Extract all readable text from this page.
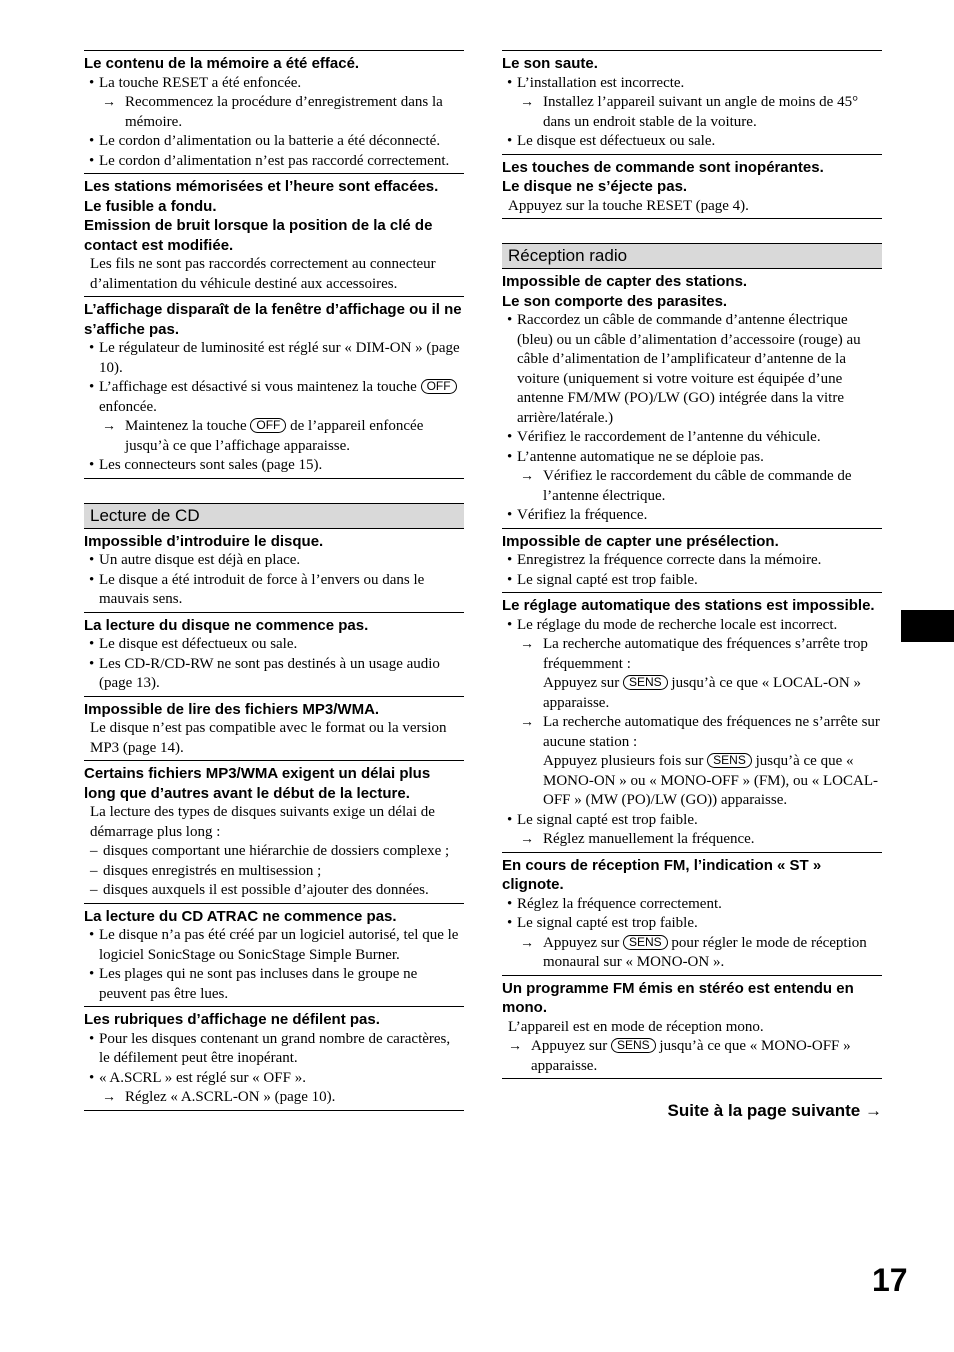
Le contenu de la mémoire a été effacé.

• La touche RESET a été enfoncée.

→ Recommencez la procédure d’enregistrement dans la mémoire.

• Le cordon d’alimentation ou la batterie a été déconnecté.

• Le cordon d’alimentation n’est pas raccordé correctement.

Les stations mémorisées et l’heure sont effacées.

Le fusible a fondu.

Emission de bruit lorsque la position de la clé de contact est modifiée.

Les fils ne sont pas raccordés correctement au connecteur d’alimentation du véhicule destiné aux accessoires.

L’affichage disparaît de la fenêtre d’affichage ou il ne s’affiche pas.

• Le régulateur de luminosité est réglé sur « DIM-ON » (page 10).

• L’affichage est désactivé si vous maintenez la touche OFF enfoncée.

→ Maintenez la touche OFF de l’appareil enfoncée jusqu’à ce que l’affichage apparaisse.

• Les connecteurs sont sales (page 15).

Lecture de CD

Impossible d’introduire le disque.

• Un autre disque est déjà en place.

• Le disque a été introduit de force à l’envers ou dans le mauvais sens.

La lecture du disque ne commence pas.

• Le disque est défectueux ou sale.

• Les CD-R/CD-RW ne sont pas destinés à un usage audio (page 13).

Impossible de lire des fichiers MP3/WMA.

Le disque n’est pas compatible avec le format ou la version MP3 (page 14).

Certains fichiers MP3/WMA exigent un délai plus long que d’autres avant le début de la lecture.

La lecture des types de disques suivants exige un délai de démarrage plus long :

– disques comportant une hiérarchie de dossiers complexe ;

– disques enregistrés en multisession ;

– disques auxquels il est possible d’ajouter des données.

La lecture du CD ATRAC ne commence pas.

• Le disque n’a pas été créé par un logiciel autorisé, tel que le logiciel SonicStage ou SonicStage Simple Burner.

• Les plages qui ne sont pas incluses dans le groupe ne peuvent pas être lues.

Les rubriques d’affichage ne défilent pas.

• Pour les disques contenant un grand nombre de caractères, le défilement peut être inopérant.

• « A.SCRL » est réglé sur « OFF ».

→ Réglez « A.SCRL-ON » (page 10).

Le son saute.

• L’installation est incorrecte.

→ Installez l’appareil suivant un angle de moins de 45° dans un endroit stable de la voiture.

• Le disque est défectueux ou sale.

Les touches de commande sont inopérantes.

Le disque ne s’éjecte pas.

Appuyez sur la touche RESET (page 4).

Réception radio

Impossible de capter des stations.

Le son comporte des parasites.

• Raccordez un câble de commande d’antenne électrique (bleu) ou un câble d’alimentation d’accessoire (rouge) au câble d’alimentation de l’amplificateur d’antenne de la voiture (uniquement si votre voiture est équipée d’une antenne FM/MW (PO)/LW (GO) intégrée dans la vitre arrière/latérale.)

• Vérifiez le raccordement de l’antenne du véhicule.

• L’antenne automatique ne se déploie pas.

→ Vérifiez le raccordement du câble de commande de l’antenne électrique.

• Vérifiez la fréquence.

Impossible de capter une présélection.

• Enregistrez la fréquence correcte dans la mémoire.

• Le signal capté est trop faible.

Le réglage automatique des stations est impossible.

• Le réglage du mode de recherche locale est incorrect.

→ La recherche automatique des fréquences s’arrête trop fréquemment :

Appuyez sur SENS jusqu’à ce que « LOCAL-ON » apparaisse.

→ La recherche automatique des fréquences ne s’arrête sur aucune station :

Appuyez plusieurs fois sur SENS jusqu’à ce que « MONO-ON » ou « MONO-OFF » (FM), ou « LOCAL-OFF » (MW (PO)/LW (GO)) apparaisse.

• Le signal capté est trop faible.

→ Réglez manuellement la fréquence.

En cours de réception FM, l’indication « ST » clignote.

• Réglez la fréquence correctement.

• Le signal capté est trop faible.

→ Appuyez sur SENS pour régler le mode de réception monaural sur « MONO-ON ».

Un programme FM émis en stéréo est entendu en mono.

L’appareil est en mode de réception mono.

→ Appuyez sur SENS jusqu’à ce que « MONO-OFF » apparaisse.

Suite à la page suivante →
17
